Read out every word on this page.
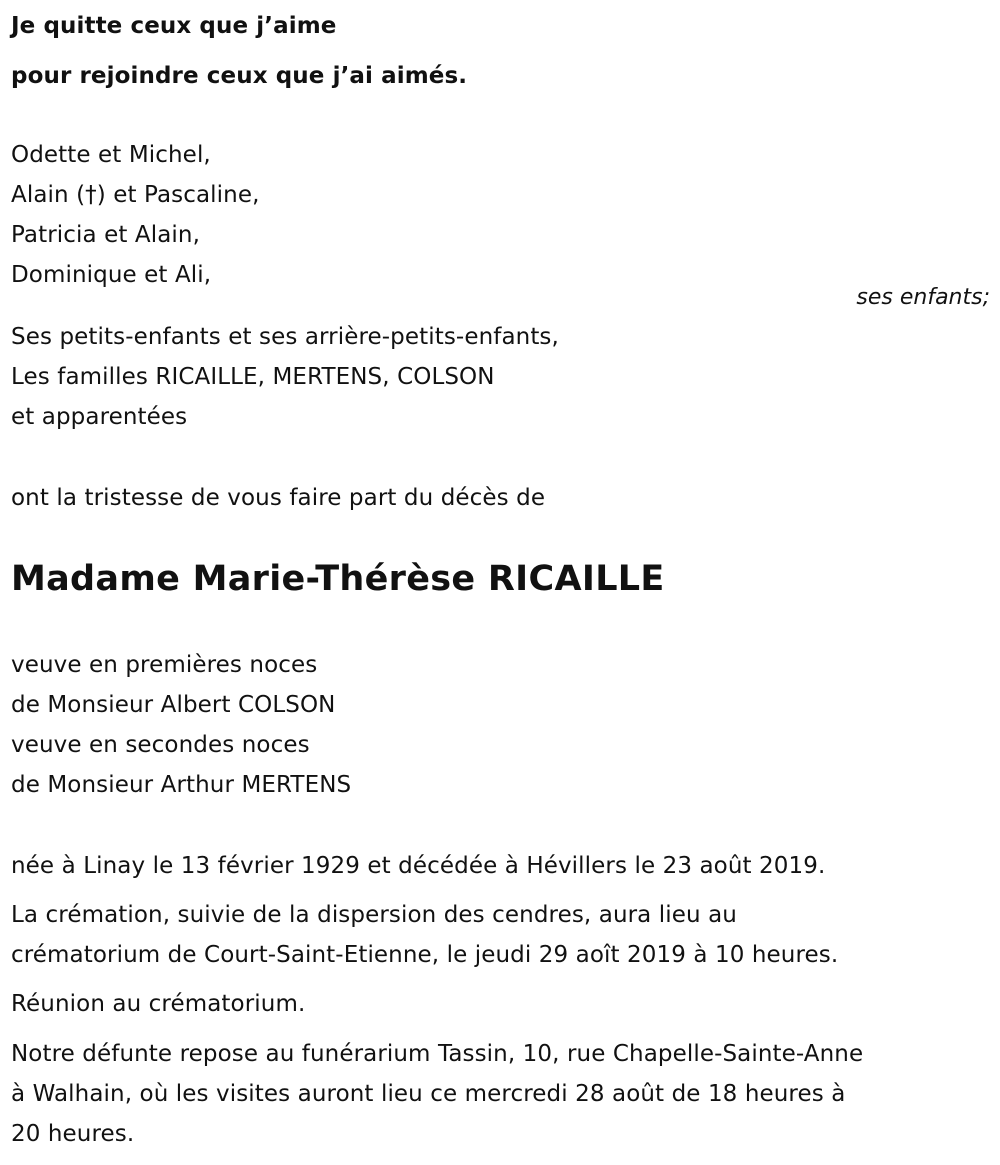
Je quitte ceux que j’aime
pour rejoindre ceux que j’ai aimés.
Odette et Michel,
Alain (†) et Pascaline,
Patricia et Alain,
Dominique et Ali,
ses enfants;
Ses petits-enfants et ses arrière-petits-enfants,
Les familles RICAILLE, MERTENS, COLSON
et apparentées
ont la tristesse de vous faire part du décès de
Madame Marie-Thérèse RICAILLE
veuve en premières noces
de Monsieur Albert COLSON
veuve en secondes noces
de Monsieur Arthur MERTENS
née à Linay le 13 février 1929 et décédée à Hévillers le 23 août 2019.
La crémation, suivie de la dispersion des cendres, aura lieu au
crématorium de Court-Saint-Etienne, le jeudi 29 aoît 2019 à 10 heures.
Réunion au crématorium.
Notre défunte repose au funérarium Tassin, 10, rue Chapelle-Sainte-Anne
à Walhain, où les visites auront lieu ce mercredi 28 août de 18 heures à
20 heures.
